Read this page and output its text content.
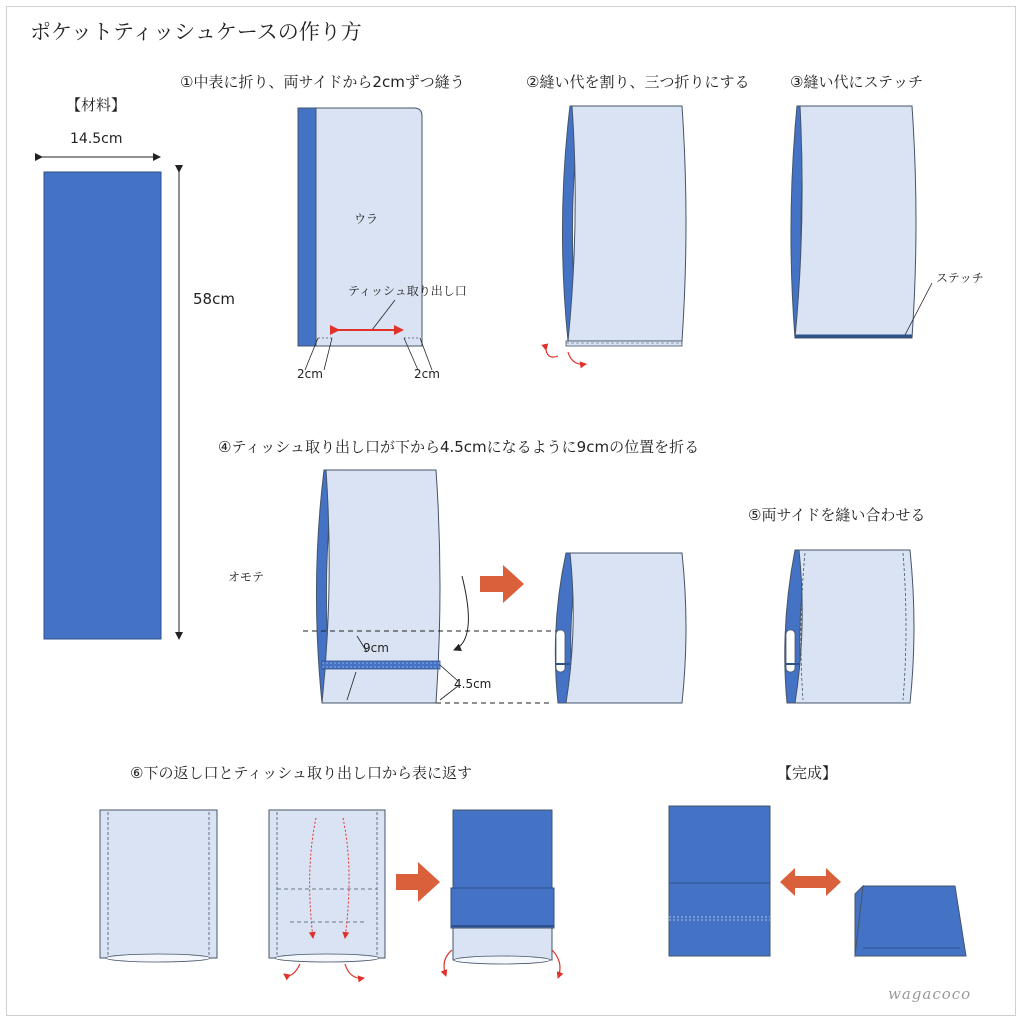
ポケットティッシュケースの作り方
【材料】
14.5cm
58cm
①中表に折り、両サイドから2cmずつ縫う	②縫い代を割り、三つ折りにする	③縫い代にステッチ
ウラ
ティッシュ取り出し口
2cm	2cm
ステッチ
④ティッシュ取り出し口が下から4.5cmになるように9cmの位置を折る
⑤両サイドを縫い合わせる
オモテ
9cm
4.5cm
⑥下の返し口とティッシュ取り出し口から表に返す	【完成】
wagacoco
